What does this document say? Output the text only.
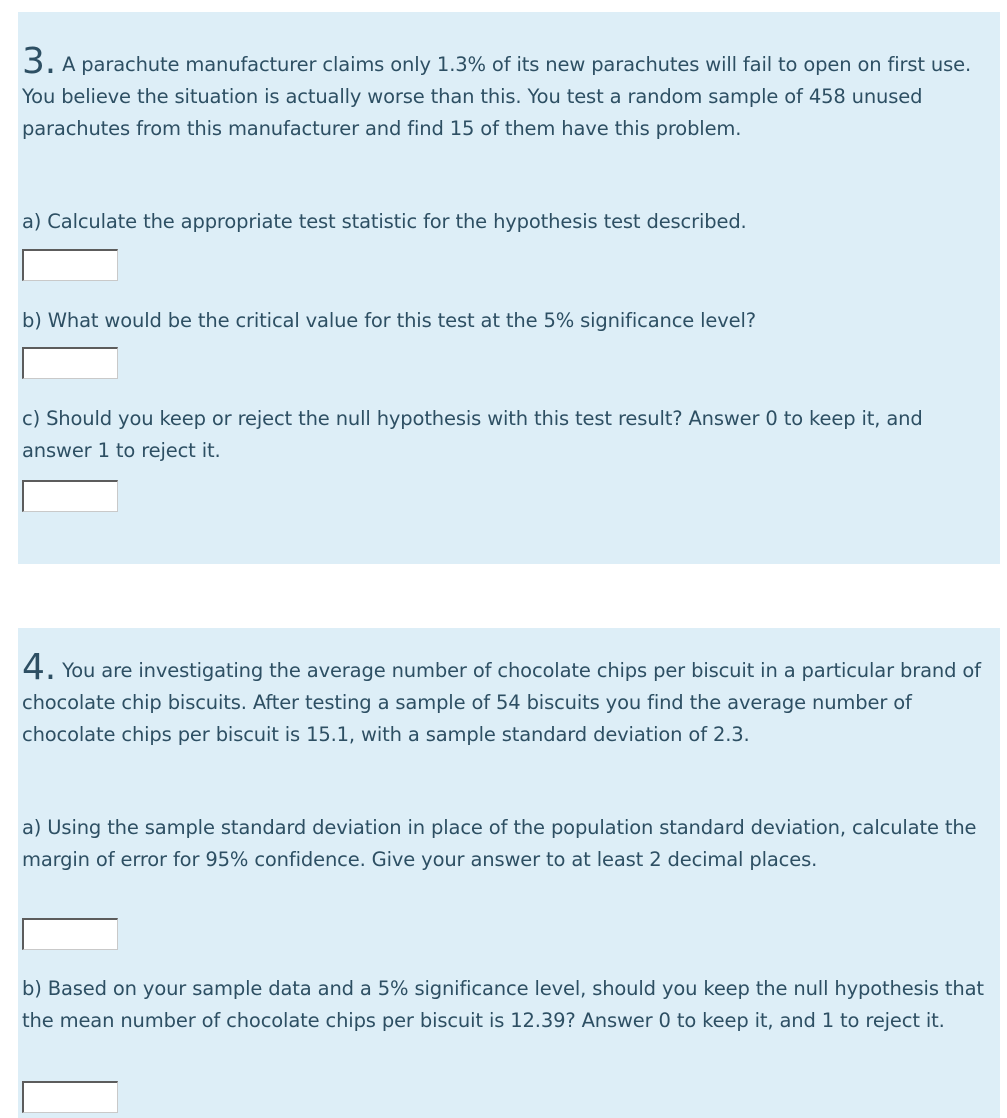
3. A parachute manufacturer claims only 1.3% of its new parachutes will fail to open on first use. You believe the situation is actually worse than this. You test a random sample of 458 unused parachutes from this manufacturer and find 15 of them have this problem.

a) Calculate the appropriate test statistic for the hypothesis test described.

b) What would be the critical value for this test at the 5% significance level?

c) Should you keep or reject the null hypothesis with this test result? Answer 0 to keep it, and answer 1 to reject it.

4. You are investigating the average number of chocolate chips per biscuit in a particular brand of chocolate chip biscuits. After testing a sample of 54 biscuits you find the average number of chocolate chips per biscuit is 15.1, with a sample standard deviation of 2.3.

a) Using the sample standard deviation in place of the population standard deviation, calculate the margin of error for 95% confidence. Give your answer to at least 2 decimal places.

b) Based on your sample data and a 5% significance level, should you keep the null hypothesis that the mean number of chocolate chips per biscuit is 12.39? Answer 0 to keep it, and 1 to reject it.
